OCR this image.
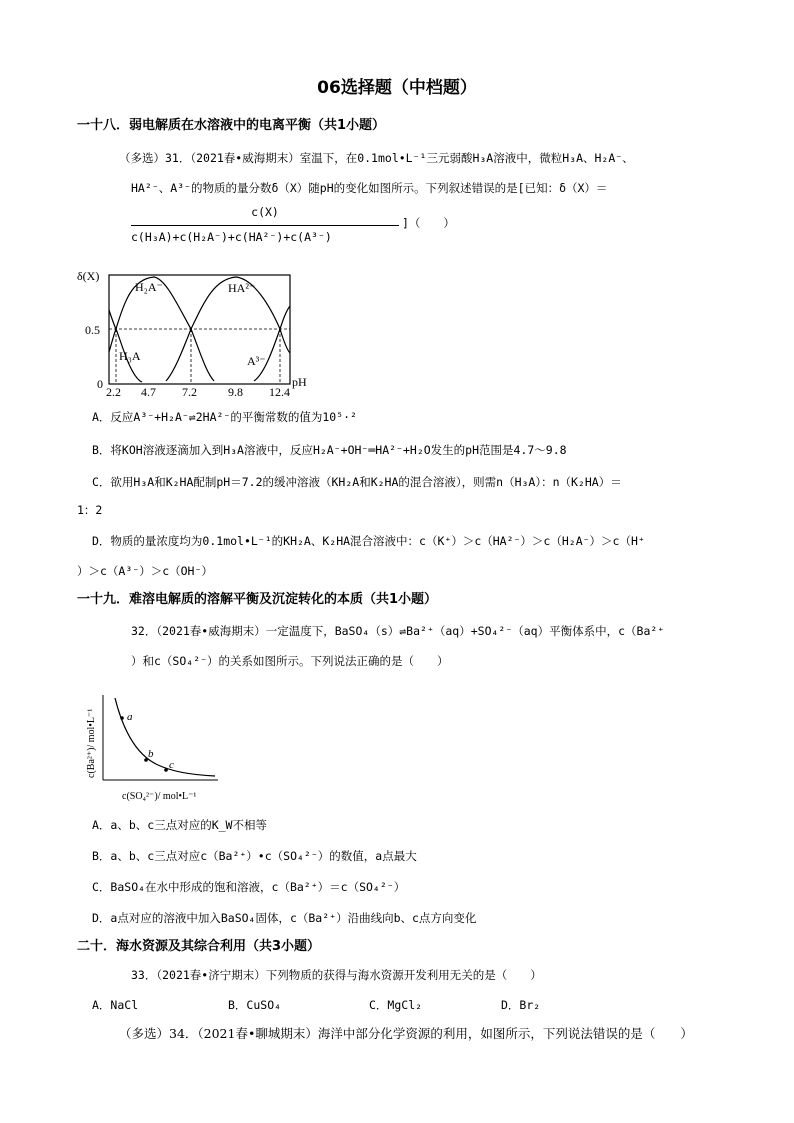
06选择题（中档题）
一十八．弱电解质在水溶液中的电离平衡（共1小题）
（多选）31．（2021春•威海期末）室温下，在0.1mol•L⁻¹三元弱酸H₃A溶液中，微粒H₃A、H₂A⁻、
HA²⁻、A³⁻的物质的量分数δ（X）随pH的变化如图所示。下列叙述错误的是[已知：δ（X）＝
c(X)
c(H₃A)+c(H₂A⁻)+c(HA²⁻)+c(A³⁻)
]（　　）
δ(X)
0.5
0
H₂A⁻	HA²⁻
H₃A	A³⁻
2.2 4.7 7.2	9.8 12.4
pH
A．反应A³⁻+H₂A⁻⇌2HA²⁻的平衡常数的值为10⁵·²
B．将KOH溶液逐滴加入到H₃A溶液中，反应H₂A⁻+OH⁻═HA²⁻+H₂O发生的pH范围是4.7～9.8
C．欲用H₃A和K₂HA配制pH＝7.2的缓冲溶液（KH₂A和K₂HA的混合溶液），则需n（H₃A）：n（K₂HA）＝
1：2
D．物质的量浓度均为0.1mol•L⁻¹的KH₂A、K₂HA混合溶液中：c（K⁺）＞c（HA²⁻）＞c（H₂A⁻）＞c（H⁺
）＞c（A³⁻）＞c（OH⁻）
一十九．难溶电解质的溶解平衡及沉淀转化的本质（共1小题）
32．（2021春•威海期末）一定温度下，BaSO₄（s）⇌Ba²⁺（aq）+SO₄²⁻（aq）平衡体系中，c（Ba²⁺
）和c（SO₄²⁻）的关系如图所示。下列说法正确的是（　　）
c(Ba²⁺)/ mol•L⁻¹	a
b
c
c(SO₄²⁻)/ mol•L⁻¹
A．a、b、c三点对应的K_W不相等
B．a、b、c三点对应c（Ba²⁺）•c（SO₄²⁻）的数值，a点最大
C．BaSO₄在水中形成的饱和溶液，c（Ba²⁺）＝c（SO₄²⁻）
D．a点对应的溶液中加入BaSO₄固体，c（Ba²⁺）沿曲线向b、c点方向变化
二十．海水资源及其综合利用（共3小题）
33．（2021春•济宁期末）下列物质的获得与海水资源开发利用无关的是（　　）
A．NaCl	B．CuSO₄	C．MgCl₂	D．Br₂
（多选）34．（2021春•聊城期末）海洋中部分化学资源的利用，如图所示，下列说法错误的是（　　）
